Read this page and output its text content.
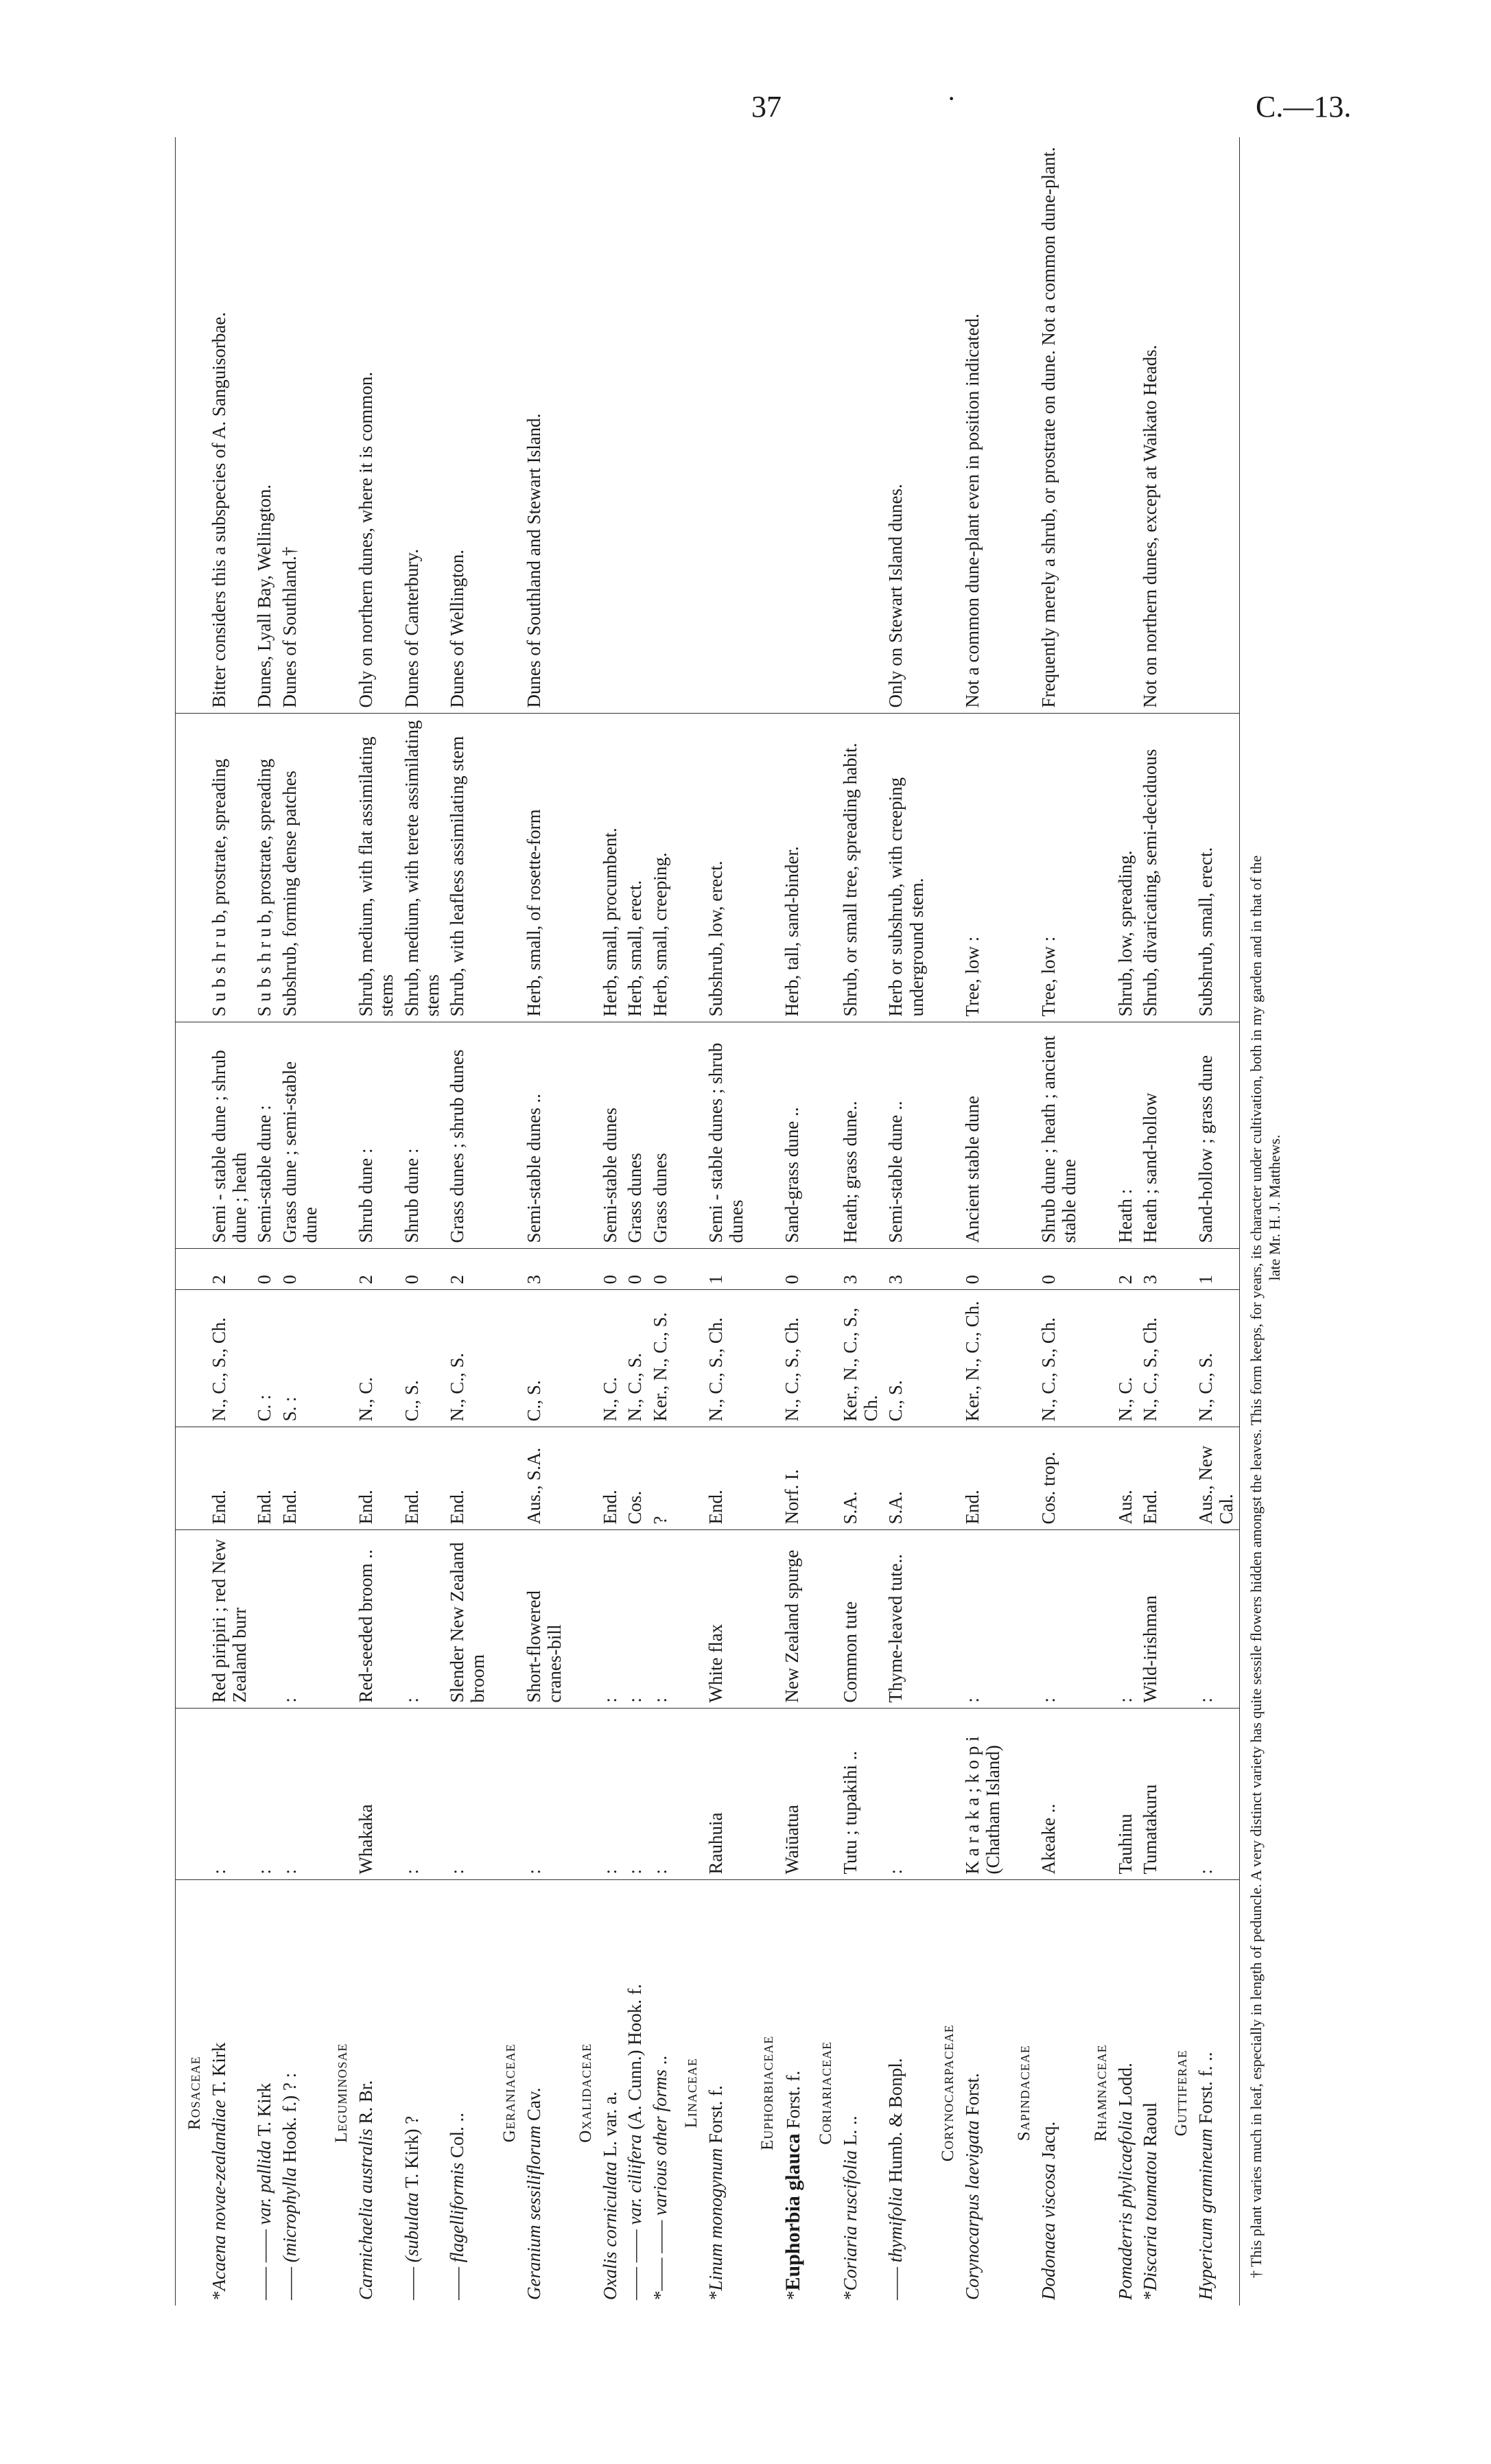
37	·	C.—13.
Rosaceae								
*Acaena novae-zealandiae T. Kirk	:	Red piripiri ; red New Zealand burr	End.	N., C., S., Ch.	2	Semi - stable dune ; shrub dune ; heath	S u b s h r u b, prostrate, spreading	Bitter considers this a subspecies of A. Sanguisorbae.
—— —— var. pallida T. Kirk	:		End.	C. :	0	Semi-stable dune :	S u b s h r u b, prostrate, spreading	Dunes, Lyall Bay, Wellington.
—— (microphylla Hook. f.) ? :	:	:	End.	S. :	0	Grass dune ; semi-stable dune	Subshrub, forming dense patches	Dunes of Southland.†
Leguminosae								
Carmichaelia australis R. Br.	Whakaka	Red-seeded broom ..	End.	N., C.	2	Shrub dune :	Shrub, medium, with flat assimilating stems	Only on northern dunes, where it is common.
—— (subulata T. Kirk) ?	:	:	End.	C., S.	0	Shrub dune :	Shrub, medium, with terete assimilating stems	Dunes of Canterbury.
—— flagelliformis Col. ..	:	Slender New Zealand broom	End.	N., C., S.	2	Grass dunes ; shrub dunes	Shrub, with leafless assimilating stem	Dunes of Wellington.
Geraniaceae								
Geranium sessiliflorum Cav.	:	Short-flowered cranes-bill	Aus., S.A.	C., S.	3	Semi-stable dunes ..	Herb, small, of rosette-form	Dunes of Southland and Stewart Island.
Oxalidaceae								
Oxalis corniculata L. var. a.	:	:	End.	N., C.	0	Semi-stable dunes	Herb, small, procumbent.	
—— —— var. ciliifera (A. Cunn.) Hook. f.	:	:	Cos.	N., C., S.	0	Grass dunes	Herb, small, erect.	
*—— —— various other forms ..	:	:	?	Ker., N., C., S.	0	Grass dunes	Herb, small, creeping.	
Linaceae								
*Linum monogynum Forst. f.	Rauhuia	White flax	End.	N., C., S., Ch.	1	Semi - stable dunes ; shrub dunes	Subshrub, low, erect.	
Euphorbiaceae								
*Euphorbia glauca Forst. f.	Waiūatua	New Zealand spurge	Norf. I.	N., C., S., Ch.	0	Sand-grass dune ..	Herb, tall, sand-binder.	
Coriariaceae								
*Coriaria ruscifolia L. ..	Tutu ; tupakihi ..	Common tute	S.A.	Ker., N., C., S., Ch.	3	Heath; grass dune..	Shrub, or small tree, spreading habit.	
—— thymifolia Humb. & Bonpl.	:	Thyme-leaved tute..	S.A.	C., S.	3	Semi-stable dune ..	Herb or subshrub, with creeping underground stem.	Only on Stewart Island dunes.
Corynocarpaceae								
Corynocarpus laevigata Forst.	K a r a k a ; k o p i (Chatham Island)	:	End.	Ker., N., C., Ch.	0	Ancient stable dune	Tree, low :	Not a common dune-plant even in position indicated.
Sapindaceae								
Dodonaea viscosa Jacq.	Akeake ..	:	Cos. trop.	N., C., S., Ch.	0	Shrub dune ; heath ; ancient stable dune	Tree, low :	Frequently merely a shrub, or prostrate on dune. Not a common dune-plant.
Rhamnaceae								
Pomaderris phylicaefolia Lodd.	Tauhinu	:	Aus.	N., C.	2	Heath :	Shrub, low, spreading.	
*Discaria toumatou Raoul	Tumatakuru	Wild-irishman	End.	N., C., S., Ch.	3	Heath ; sand-hollow	Shrub, divaricating, semi-deciduous	Not on northern dunes, except at Waikato Heads.
Guttiferae								
Hypericum gramineum Forst. f. ..	:	:	Aus., New Cal.	N., C., S.	1	Sand-hollow ; grass dune	Subshrub, small, erect.	† This plant varies much in leaf, especially in length of peduncle. A very distinct variety has quite sessile flowers hidden amongst the leaves. This form keeps, for years, its character under cultivation, both in my garden and in that of the late Mr. H. J. Matthews.
